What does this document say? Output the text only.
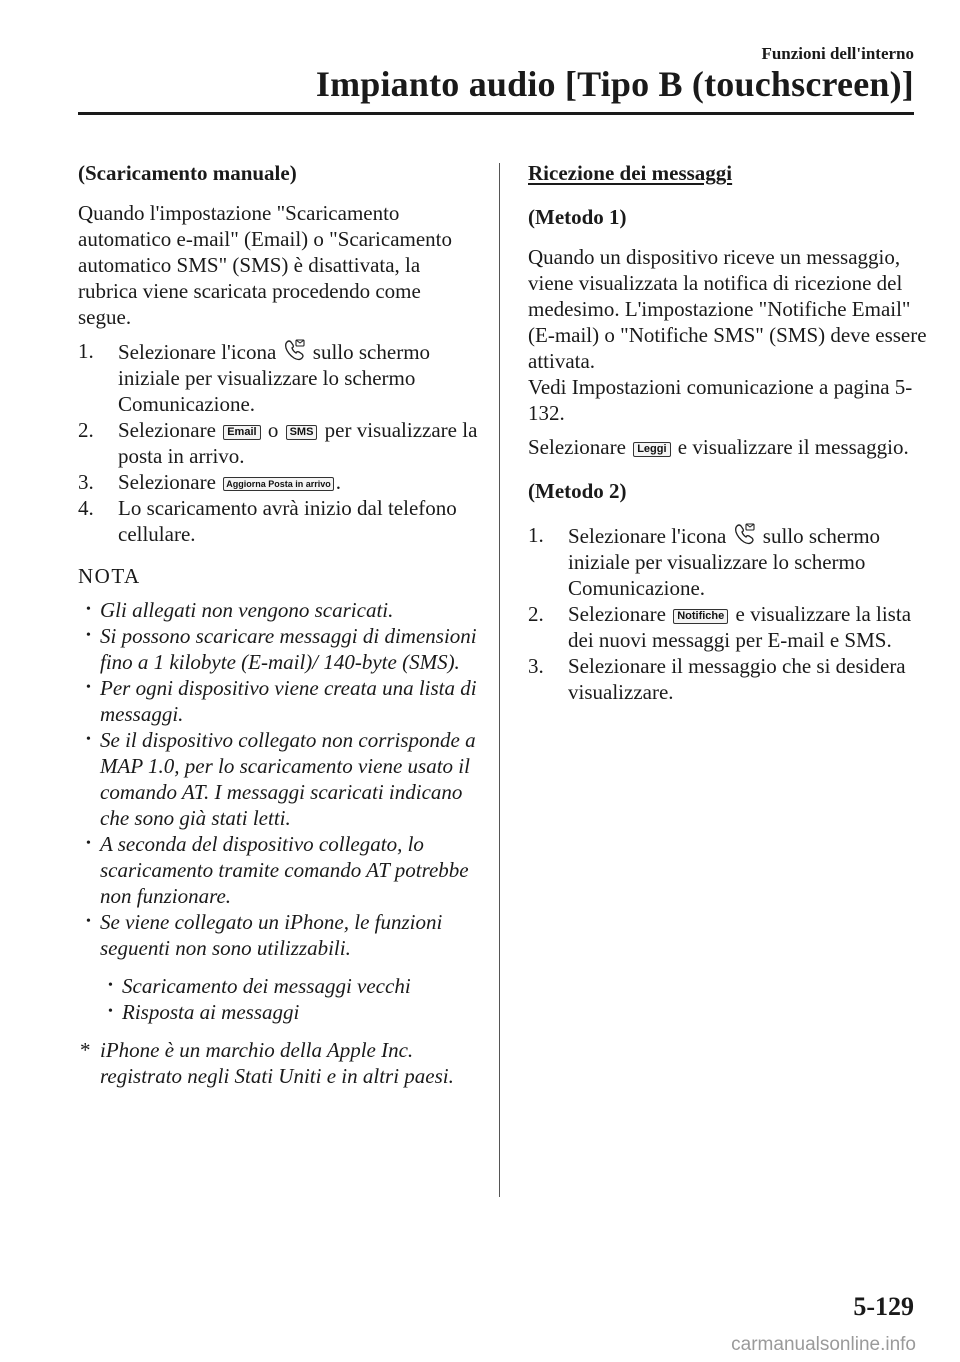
Funzioni dell'interno
Impianto audio [Tipo B (touchscreen)]

(Scaricamento manuale)

Quando l'impostazione "Scaricamento automatico e-mail" (Email) o "Scaricamento automatico SMS" (SMS) è disattivata, la rubrica viene scaricata procedendo come segue.

1. Selezionare l'icona sullo schermo iniziale per visualizzare lo schermo Comunicazione.
2. Selezionare Email o SMS per visualizzare la posta in arrivo.
3. Selezionare Aggiorna Posta in arrivo .
4. Lo scaricamento avrà inizio dal telefono cellulare.

NOTA

• Gli allegati non vengono scaricati.

• Si possono scaricare messaggi di dimensioni fino a 1 kilobyte (E-mail)/ 140-byte (SMS).

• Per ogni dispositivo viene creata una lista di messaggi.

• Se il dispositivo collegato non corrisponde a MAP 1.0, per lo scaricamento viene usato il comando AT. I messaggi scaricati indicano che sono già stati letti.

• A seconda del dispositivo collegato, lo scaricamento tramite comando AT potrebbe non funzionare.

• Se viene collegato un iPhone, le funzioni seguenti non sono utilizzabili.

• Scaricamento dei messaggi vecchi

• Risposta ai messaggi

* iPhone è un marchio della Apple Inc. registrato negli Stati Uniti e in altri paesi.

Ricezione dei messaggi

(Metodo 1)

Quando un dispositivo riceve un messaggio, viene visualizzata la notifica di ricezione del medesimo. L'impostazione "Notifiche Email" (E-mail) o "Notifiche SMS" (SMS) deve essere attivata.

Vedi Impostazioni comunicazione a pagina 5-132.

Selezionare Leggi e visualizzare il messaggio.

(Metodo 2)

1. Selezionare l'icona sullo schermo iniziale per visualizzare lo schermo Comunicazione.
2. Selezionare Notifiche e visualizzare la lista dei nuovi messaggi per E-mail e SMS.
3. Selezionare il messaggio che si desidera visualizzare.
5-129
carmanualsonline.info
